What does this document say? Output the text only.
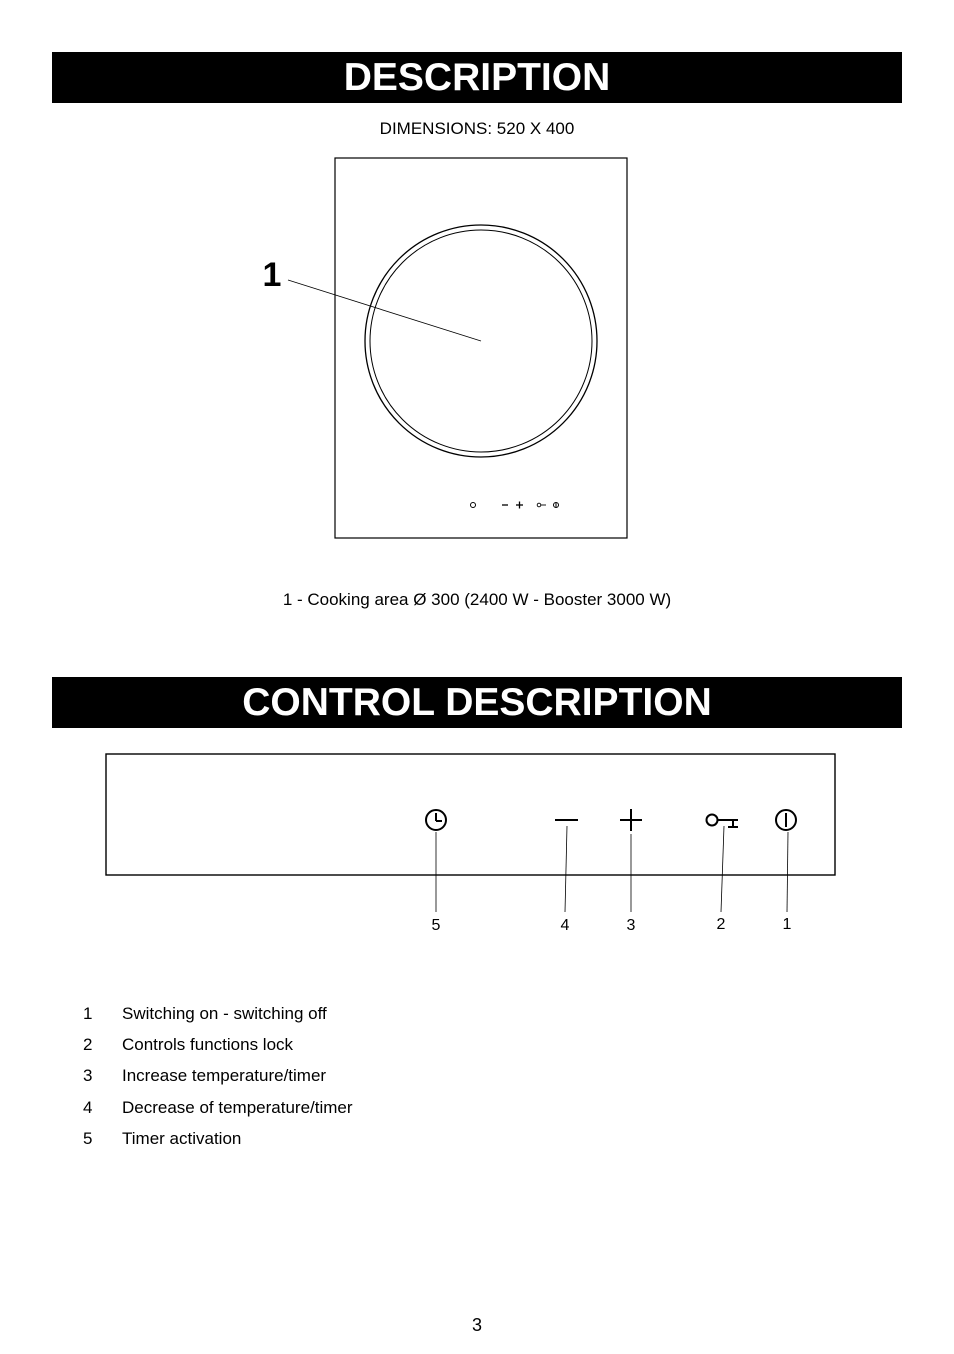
DESCRIPTION
DIMENSIONS: 520 X 400
1
5	4	3	2	1
1 - Cooking area Ø 300 (2400 W - Booster 3000 W)
CONTROL DESCRIPTION
1	Switching on - switching off
2	Controls functions lock
3	Increase temperature/timer
4	Decrease of temperature/timer
5	Timer activation
3
